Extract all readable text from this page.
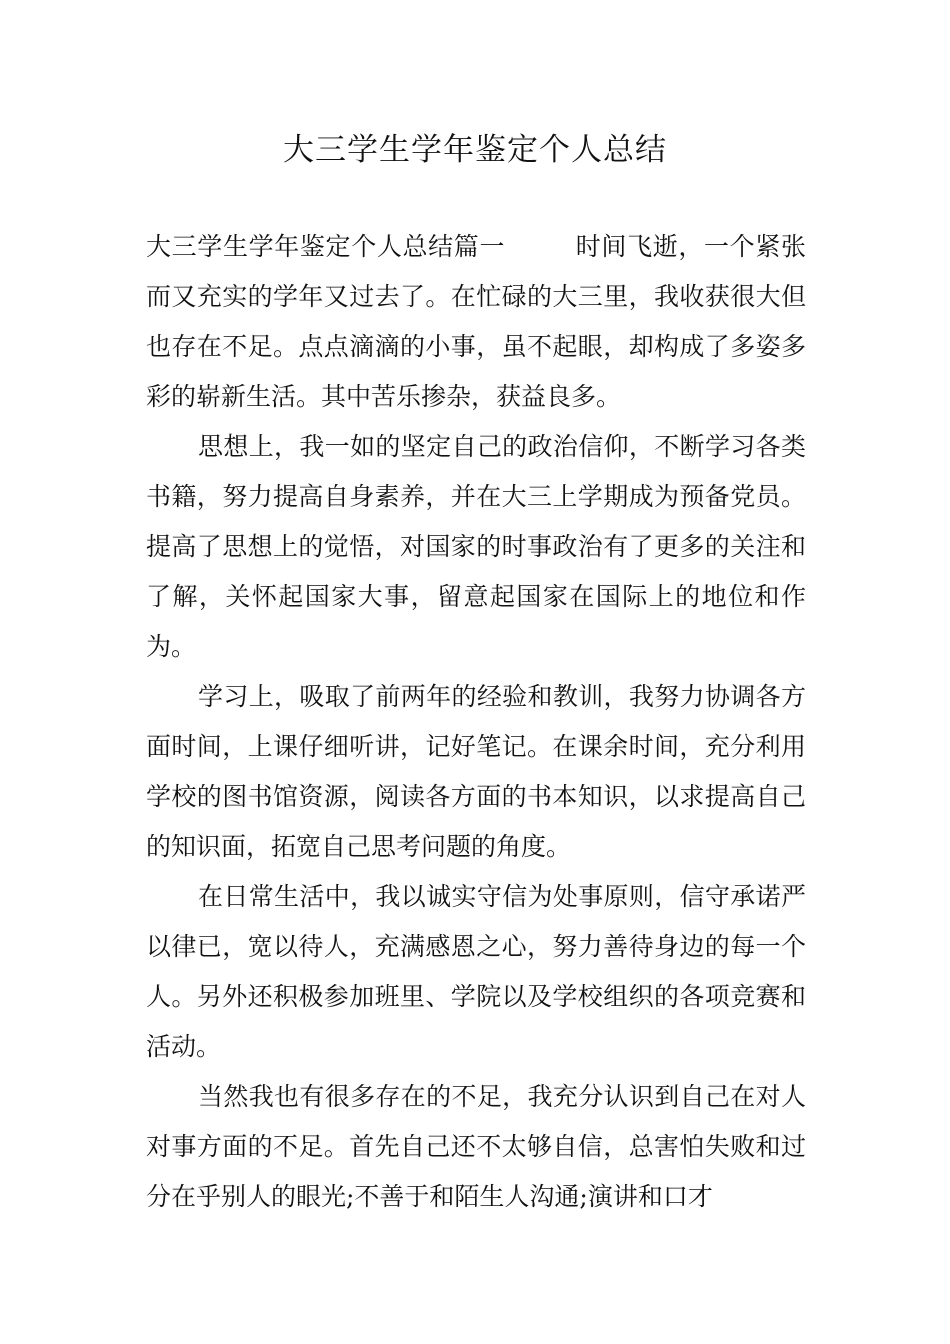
大三学生学年鉴定个人总结

大三学生学年鉴定个人总结篇一	时间飞逝，一个紧张而又充实的学年又过去了。在忙碌的大三里，我收获很大但也存在不足。点点滴滴的小事，虽不起眼，却构成了多姿多彩的崭新生活。其中苦乐掺杂，获益良多。

思想上，我一如的坚定自己的政治信仰，不断学习各类书籍，努力提高自身素养，并在大三上学期成为预备党员。提高了思想上的觉悟，对国家的时事政治有了更多的关注和了解，关怀起国家大事，留意起国家在国际上的地位和作为。

学习上，吸取了前两年的经验和教训，我努力协调各方面时间，上课仔细听讲，记好笔记。在课余时间，充分利用学校的图书馆资源，阅读各方面的书本知识，以求提高自己的知识面，拓宽自己思考问题的角度。

在日常生活中，我以诚实守信为处事原则，信守承诺严以律已，宽以待人，充满感恩之心，努力善待身边的每一个人。另外还积极参加班里、学院以及学校组织的各项竞赛和活动。

当然我也有很多存在的不足，我充分认识到自己在对人对事方面的不足。首先自己还不太够自信，总害怕失败和过分在乎别人的眼光;不善于和陌生人沟通;演讲和口才
